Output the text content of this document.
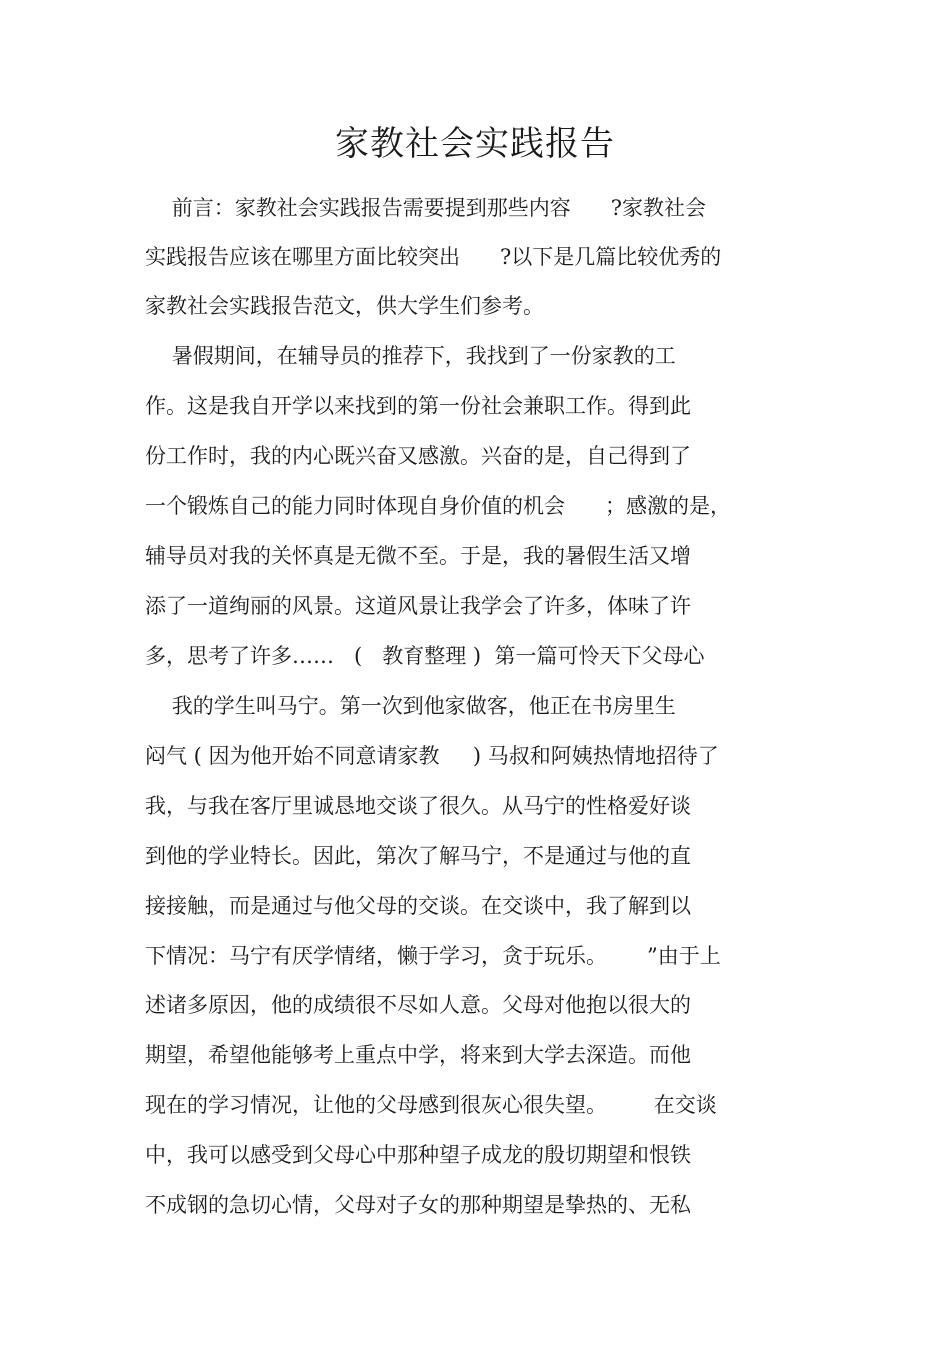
家教社会实践报告
前言：家教社会实践报告需要提到那些内容      ?家教社会
实践报告应该在哪里方面比较突出      ?以下是几篇比较优秀的
家教社会实践报告范文，供大学生们参考。
暑假期间，在辅导员的推荐下，我找到了一份家教的工
作。这是我自开学以来找到的第一份社会兼职工作。得到此
份工作时，我的内心既兴奋又感激。兴奋的是，自己得到了
一个锻炼自己的能力同时体现自身价值的机会      ；感激的是，
辅导员对我的关怀真是无微不至。于是，我的暑假生活又增
添了一道绚丽的风景。这道风景让我学会了许多，体味了许
多，思考了许多……   (   教育整理 )  第一篇可怜天下父母心
我的学生叫马宁。第一次到他家做客，他正在书房里生
闷气 ( 因为他开始不同意请家教     ) 马叔和阿姨热情地招待了
我，与我在客厅里诚恳地交谈了很久。从马宁的性格爱好谈
到他的学业特长。因此，第次了解马宁，不是通过与他的直
接接触，而是通过与他父母的交谈。在交谈中，我了解到以
下情况：马宁有厌学情绪，懒于学习，贪于玩乐。      ”由于上
述诸多原因，他的成绩很不尽如人意。父母对他抱以很大的
期望，希望他能够考上重点中学，将来到大学去深造。而他
现在的学习情况，让他的父母感到很灰心很失望。       在交谈
中，我可以感受到父母心中那种望子成龙的殷切期望和恨铁
不成钢的急切心情，父母对子女的那种期望是挚热的、无私
